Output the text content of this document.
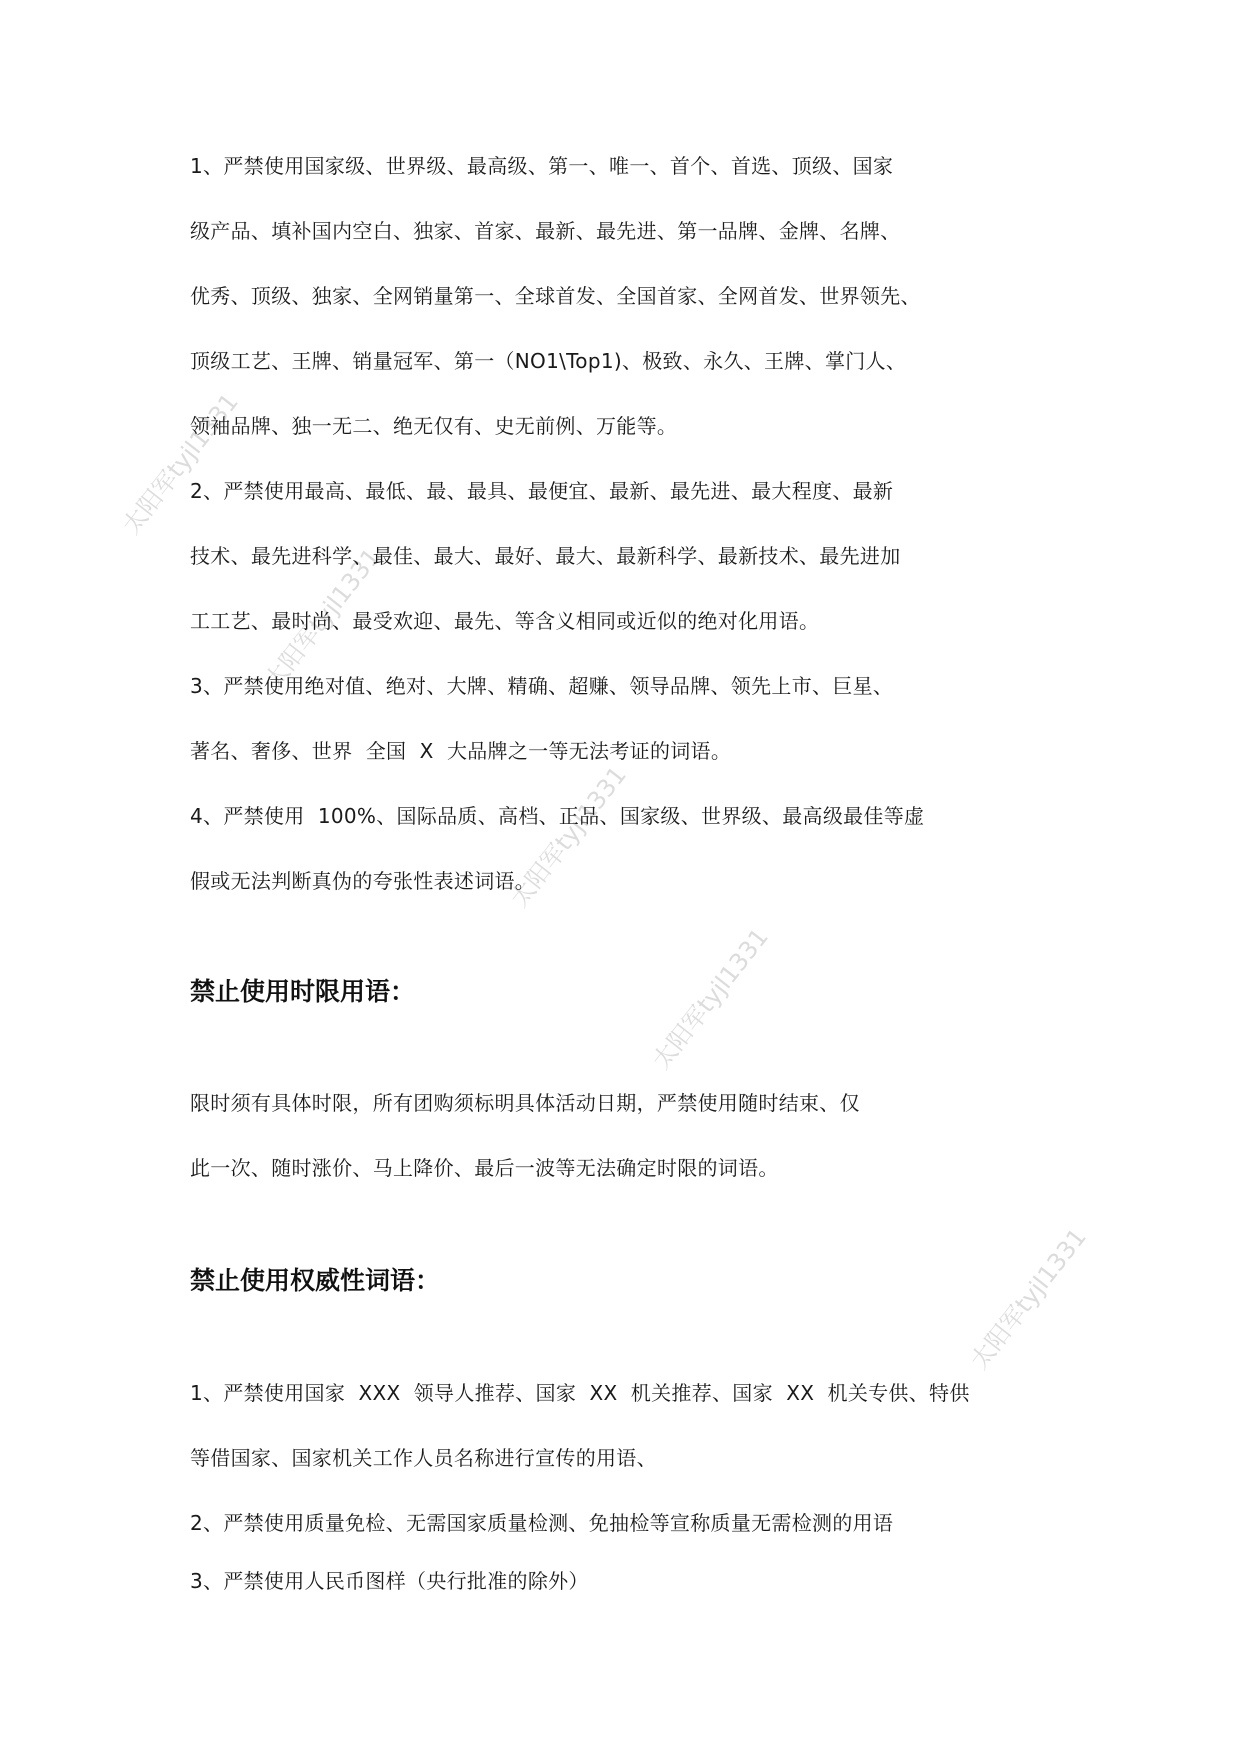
太阳军tyjl1331
太阳军tyjl1331
太阳军tyjl1331
太阳军tyjl1331
太阳军tyjl1331
1、严禁使用国家级、世界级、最高级、第一、唯一、首个、首选、顶级、国家
级产品、填补国内空白、独家、首家、最新、最先进、第一品牌、金牌、名牌、
优秀、顶级、独家、全网销量第一、全球首发、全国首家、全网首发、世界领先、
顶级工艺、王牌、销量冠军、第一（NO1\Top1)、极致、永久、王牌、掌门人、
领袖品牌、独一无二、绝无仅有、史无前例、万能等。
2、严禁使用最高、最低、最、最具、最便宜、最新、最先进、最大程度、最新
技术、最先进科学、最佳、最大、最好、最大、最新科学、最新技术、最先进加
工工艺、最时尚、最受欢迎、最先、等含义相同或近似的绝对化用语。
3、严禁使用绝对值、绝对、大牌、精确、超赚、领导品牌、领先上市、巨星、
著名、奢侈、世界  全国  X  大品牌之一等无法考证的词语。
4、严禁使用  100%、国际品质、高档、正品、国家级、世界级、最高级最佳等虚
假或无法判断真伪的夸张性表述词语。
禁止使用时限用语：
限时须有具体时限，所有团购须标明具体活动日期，严禁使用随时结束、仅
此一次、随时涨价、马上降价、最后一波等无法确定时限的词语。
禁止使用权威性词语：
1、严禁使用国家  XXX  领导人推荐、国家  XX  机关推荐、国家  XX  机关专供、特供
等借国家、国家机关工作人员名称进行宣传的用语、
2、严禁使用质量免检、无需国家质量检测、免抽检等宣称质量无需检测的用语
3、严禁使用人民币图样（央行批准的除外）
